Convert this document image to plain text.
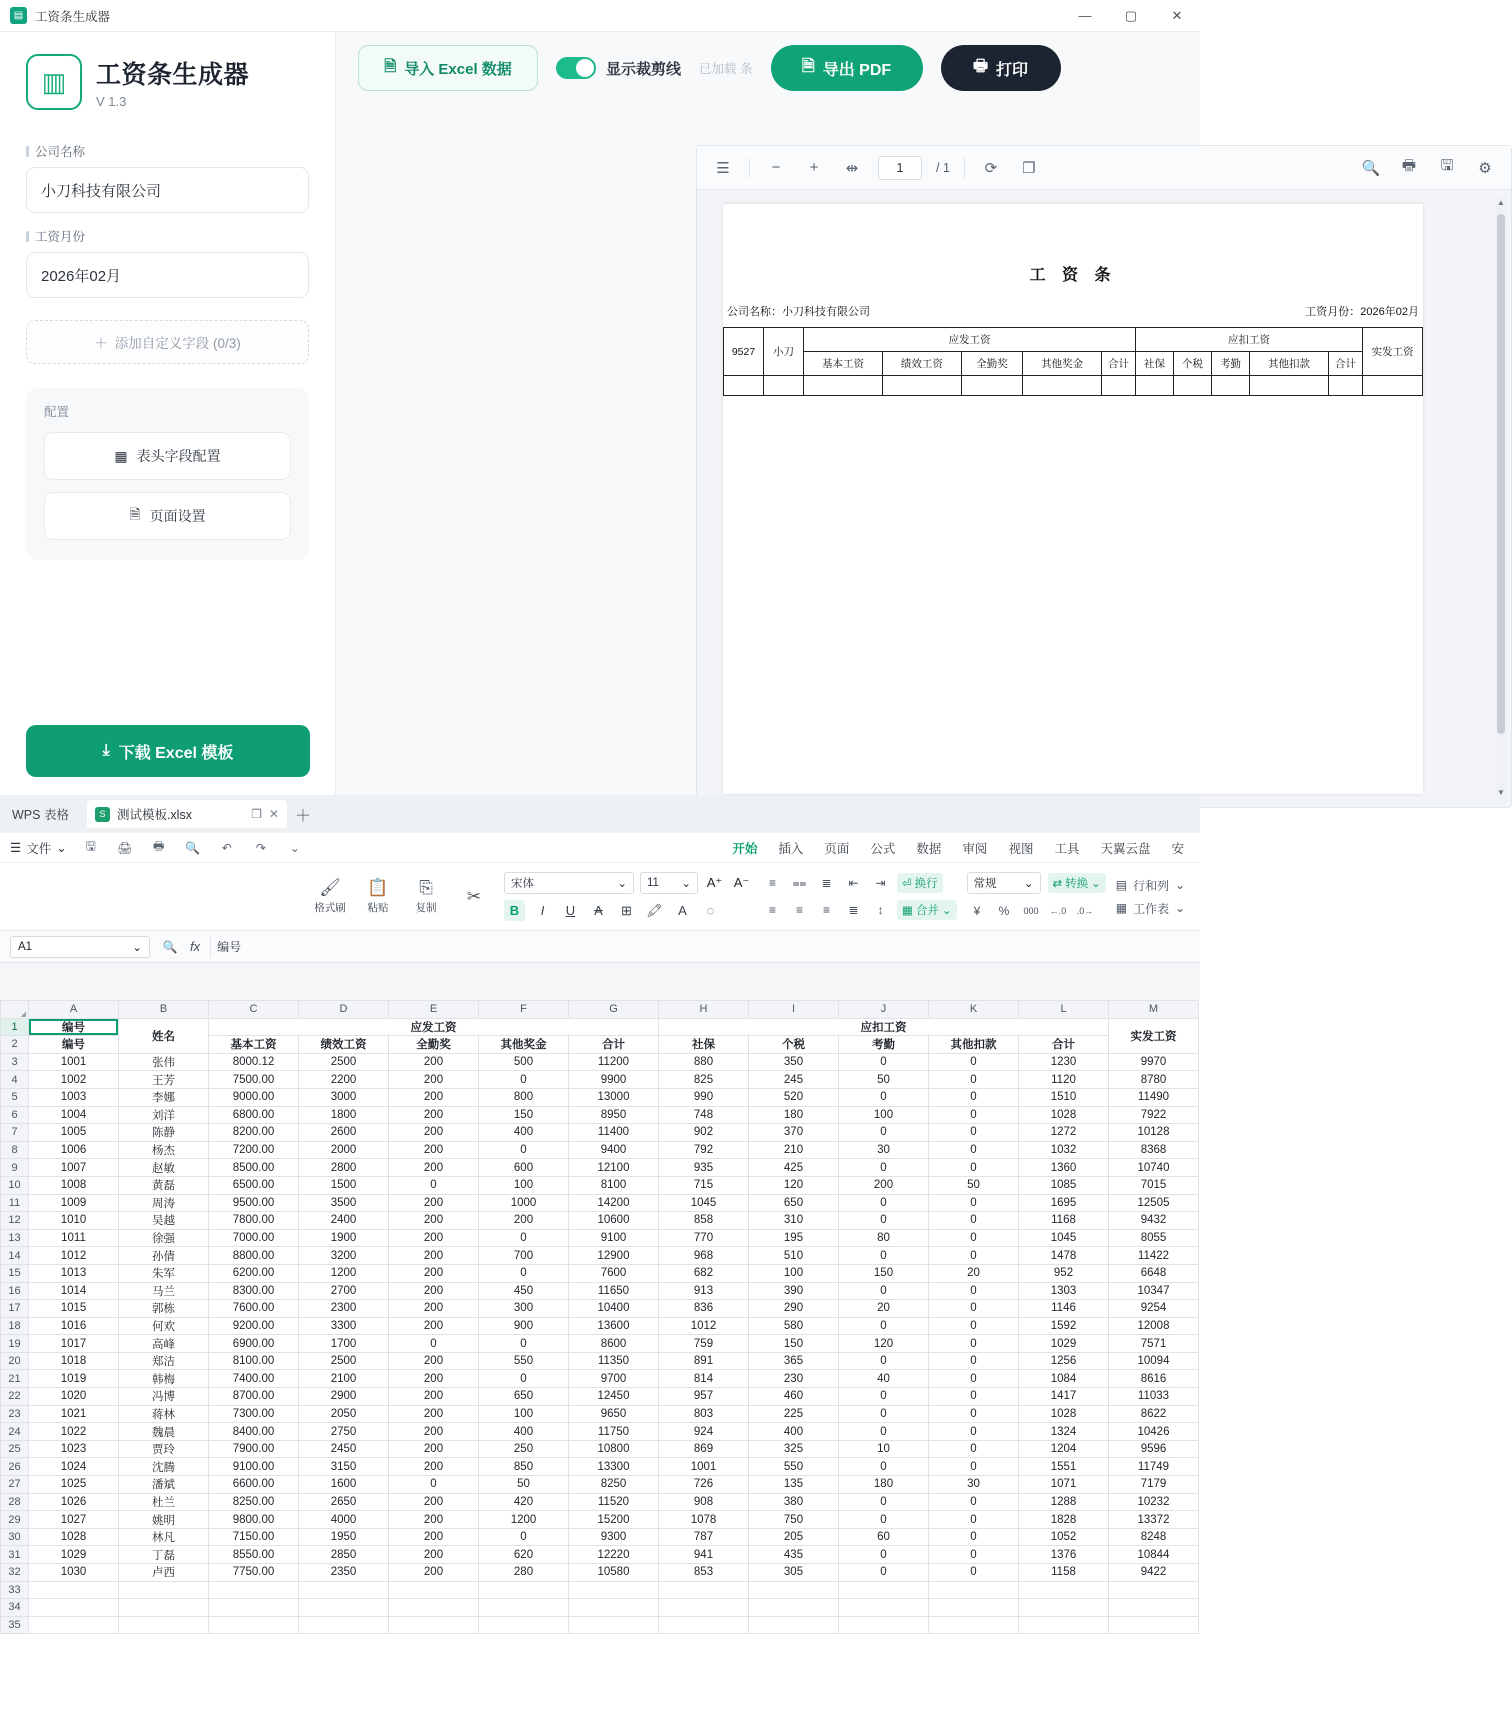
▤ 工资条生成器	—	▢	✕
▥	工资条生成器
V 1.3
公司名称
小刀科技有限公司
工资月份
2026年02月
＋ 添加自定义字段 (0/3)
配置
▦ 表头字段配置
🗎 页面设置
⤓ 下载 Excel 模板
🗎 导入 Excel 数据	显示裁剪线 已加载 条	🗎 导出 PDF	🖶 打印
☰	−	+	⇹	1	/ 1	⟳	❐	🔍	🖶	🖫	⚙
工 资 条
公司名称：小刀科技有限公司	工资月份：2026年02月
9527	小刀	应发工资					应扣工资					实发工资
		基本工资	绩效工资	全勤奖	其他奖金	合计	社保	个税	考勤	其他扣款	合计	

▲
▼
WPS 表格	S 测试模板.xlsx	❐ ✕ ＋
☰ 文件 ⌄	🖫	🖨	🖶	🔍	↶	↷	⌄	开始 插入 页面 公式 数据 审阅 视图 工具 天翼云盘 安
🖌
格式刷
📋
粘贴
⎘
复制
✂
宋体	⌄ 11 ⌄ A⁺ A⁻
B	I	U	A	⊞	🖍	A	◌
≡	⩵	≣	⇤	⇥	⏎ 换行
≡	≡	≡	≣	↕	▦ 合并 ⌄
常规 ⌄ ⇄ 转换 ⌄
¥	%	000	←.0 .0→
▤ 行和列 ⌄
▦ 工作表 ⌄
A1	⌄ 🔍 fx	编号
◢	A	B	C	D	E	F	G	H	I	J	K	L	M
1	编号	姓名	应发工资					应扣工资					实发工资
2	编号		基本工资	绩效工资	全勤奖	其他奖金	合计	社保	个税	考勤	其他扣款	合计	
3	1001	张伟	8000.12	2500	200	500	11200	880	350	0	0	1230	9970
4	1002	王芳	7500.00	2200	200	0	9900	825	245	50	0	1120	8780
5	1003	李娜	9000.00	3000	200	800	13000	990	520	0	0	1510	11490
6	1004	刘洋	6800.00	1800	200	150	8950	748	180	100	0	1028	7922
7	1005	陈静	8200.00	2600	200	400	11400	902	370	0	0	1272	10128
8	1006	杨杰	7200.00	2000	200	0	9400	792	210	30	0	1032	8368
9	1007	赵敏	8500.00	2800	200	600	12100	935	425	0	0	1360	10740
10	1008	黄磊	6500.00	1500	0	100	8100	715	120	200	50	1085	7015
11	1009	周涛	9500.00	3500	200	1000	14200	1045	650	0	0	1695	12505
12	1010	吴越	7800.00	2400	200	200	10600	858	310	0	0	1168	9432
13	1011	徐强	7000.00	1900	200	0	9100	770	195	80	0	1045	8055
14	1012	孙倩	8800.00	3200	200	700	12900	968	510	0	0	1478	11422
15	1013	朱军	6200.00	1200	200	0	7600	682	100	150	20	952	6648
16	1014	马兰	8300.00	2700	200	450	11650	913	390	0	0	1303	10347
17	1015	郭栋	7600.00	2300	200	300	10400	836	290	20	0	1146	9254
18	1016	何欢	9200.00	3300	200	900	13600	1012	580	0	0	1592	12008
19	1017	高峰	6900.00	1700	0	0	8600	759	150	120	0	1029	7571
20	1018	郑洁	8100.00	2500	200	550	11350	891	365	0	0	1256	10094
21	1019	韩梅	7400.00	2100	200	0	9700	814	230	40	0	1084	8616
22	1020	冯博	8700.00	2900	200	650	12450	957	460	0	0	1417	11033
23	1021	蒋林	7300.00	2050	200	100	9650	803	225	0	0	1028	8622
24	1022	魏晨	8400.00	2750	200	400	11750	924	400	0	0	1324	10426
25	1023	贾玲	7900.00	2450	200	250	10800	869	325	10	0	1204	9596
26	1024	沈腾	9100.00	3150	200	850	13300	1001	550	0	0	1551	11749
27	1025	潘斌	6600.00	1600	0	50	8250	726	135	180	30	1071	7179
28	1026	杜兰	8250.00	2650	200	420	11520	908	380	0	0	1288	10232
29	1027	姚明	9800.00	4000	200	1200	15200	1078	750	0	0	1828	13372
30	1028	林凡	7150.00	1950	200	0	9300	787	205	60	0	1052	8248
31	1029	丁磊	8550.00	2850	200	620	12220	941	435	0	0	1376	10844
32	1030	卢西	7750.00	2350	200	280	10580	853	305	0	0	1158	9422
33													
34													
35													
